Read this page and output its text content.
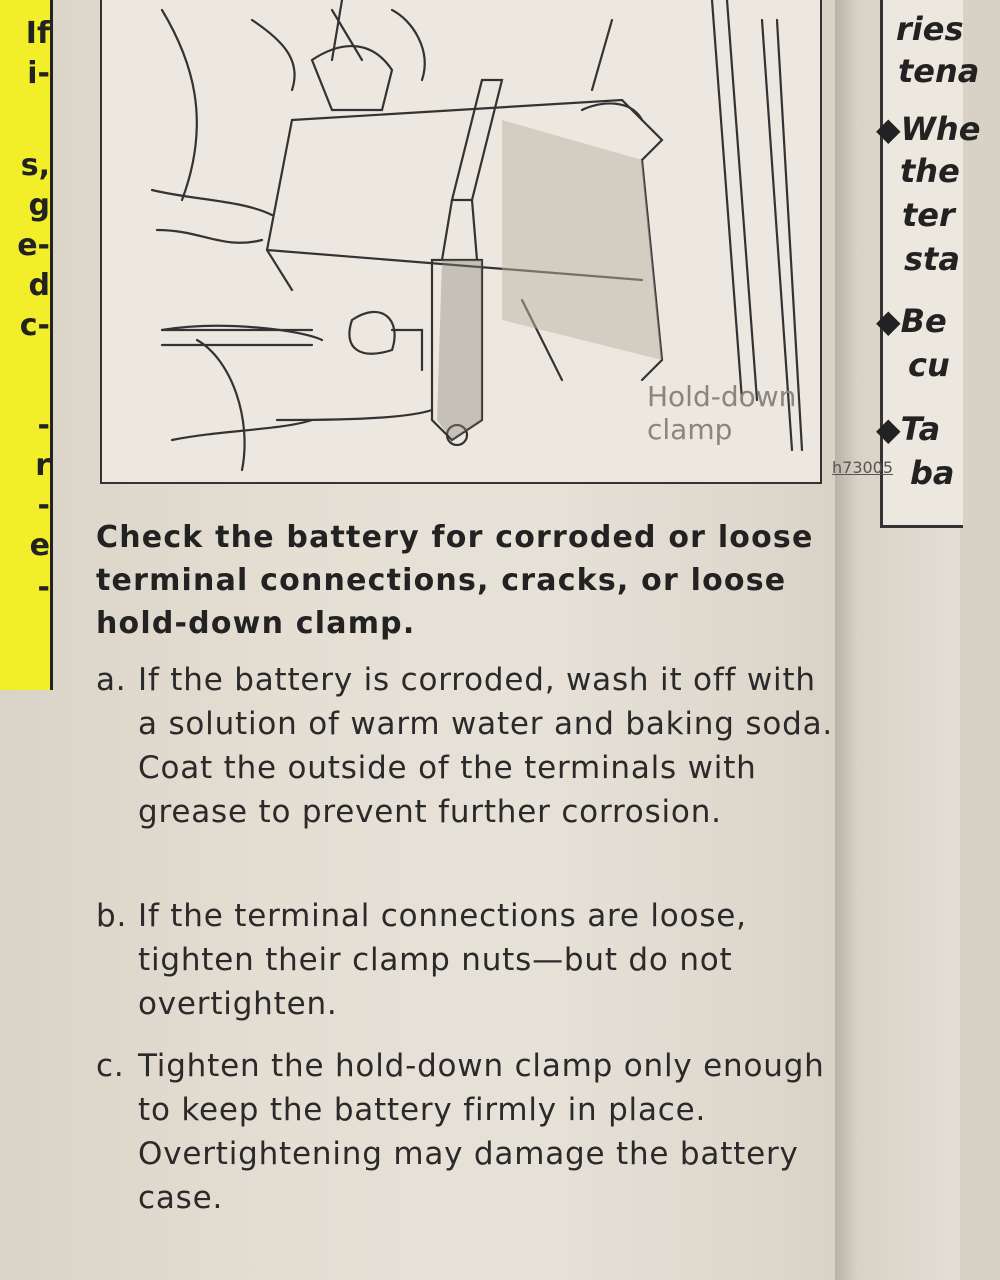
If
i-
s,
g
e-
d
c-
-
r
-
e
-
ries
tena
◆Whe
the
ter
sta
◆Be
cu
◆Ta
ba
Hold-down
clamp
h73005
Check the battery for corroded or loose terminal connections, cracks, or loose hold-down clamp.
a. If the battery is corroded, wash it off with a solution of warm water and baking soda. Coat the outside of the terminals with grease to prevent further corrosion.
b. If the terminal connections are loose, tighten their clamp nuts—but do not overtighten.
c. Tighten the hold-down clamp only enough to keep the battery firmly in place. Overtightening may damage the battery case.
